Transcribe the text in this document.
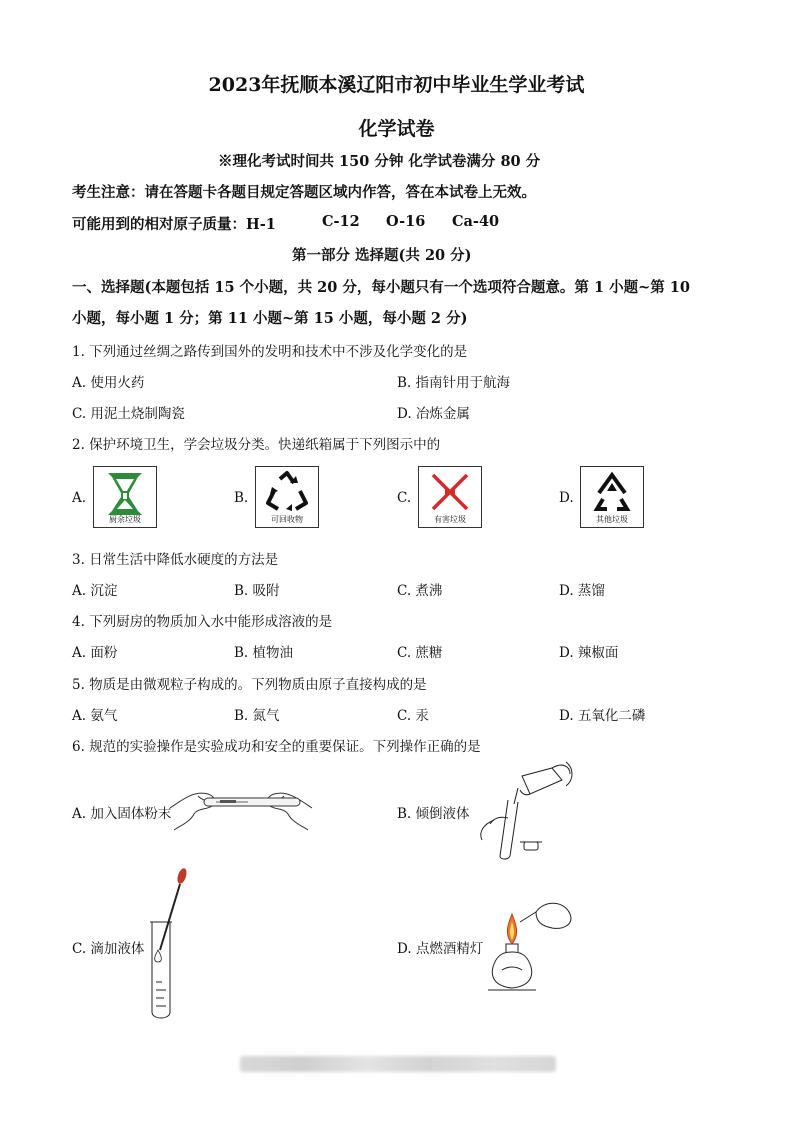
2023年抚顺本溪辽阳市初中毕业生学业考试
化学试卷
※理化考试时间共 150 分钟 化学试卷满分 80 分
考生注意：请在答题卡各题目规定答题区域内作答，答在本试卷上无效。
可能用到的相对原子质量：H-1	C-12 O-16 Ca-40
第一部分 选择题(共 20 分)
一、选择题(本题包括 15 个小题，共 20 分，每小题只有一个选项符合题意。第 1 小题~第 10
小题，每小题 1 分；第 11 小题~第 15 小题，每小题 2 分)
1. 下列通过丝绸之路传到国外的发明和技术中不涉及化学变化的是
A. 使用火药	B. 指南针用于航海
C. 用泥土烧制陶瓷	D. 冶炼金属
2. 保护环境卫生，学会垃圾分类。快递纸箱属于下列图示中的
A.
厨余垃圾
B.
可回收物
C.
有害垃圾
D.
其他垃圾
3. 日常生活中降低水硬度的方法是
A. 沉淀	B. 吸附	C. 煮沸	D. 蒸馏
4. 下列厨房的物质加入水中能形成溶液的是
A. 面粉	B. 植物油	C. 蔗糖	D. 辣椒面
5. 物质是由微观粒子构成的。下列物质由原子直接构成的是
A. 氨气	B. 氮气	C. 汞	D. 五氧化二磷
6. 规范的实验操作是实验成功和安全的重要保证。下列操作正确的是
A. 加入固体粉末	B. 倾倒液体
C. 滴加液体	D. 点燃酒精灯
